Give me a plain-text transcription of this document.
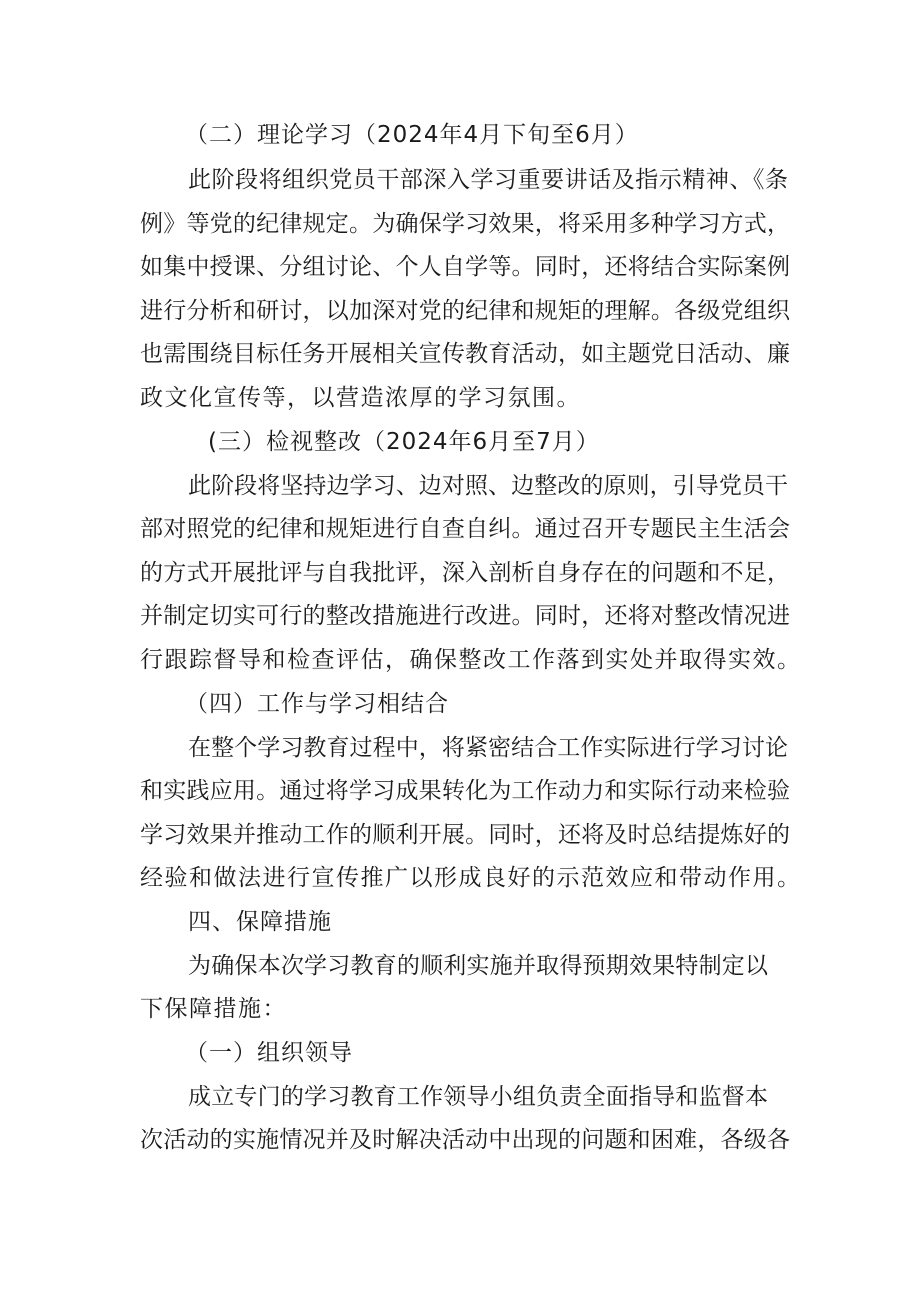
（二）理论学习（2024年4月下旬至6月）
此阶段将组织党员干部深入学习重要讲话及指示精神、《条
例》等党的纪律规定。为确保学习效果，将采用多种学习方式，
如集中授课、分组讨论、个人自学等。同时，还将结合实际案例
进行分析和研讨，以加深对党的纪律和规矩的理解。各级党组织
也需围绕目标任务开展相关宣传教育活动，如主题党日活动、廉
政文化宣传等，以营造浓厚的学习氛围。
(三）检视整改（2024年6月至7月）
此阶段将坚持边学习、边对照、边整改的原则，引导党员干
部对照党的纪律和规矩进行自查自纠。通过召开专题民主生活会
的方式开展批评与自我批评，深入剖析自身存在的问题和不足，
并制定切实可行的整改措施进行改进。同时，还将对整改情况进
行跟踪督导和检查评估，确保整改工作落到实处并取得实效。
（四）工作与学习相结合
在整个学习教育过程中，将紧密结合工作实际进行学习讨论
和实践应用。通过将学习成果转化为工作动力和实际行动来检验
学习效果并推动工作的顺利开展。同时，还将及时总结提炼好的
经验和做法进行宣传推广以形成良好的示范效应和带动作用。
四、保障措施
为确保本次学习教育的顺利实施并取得预期效果特制定以
下保障措施：
（一）组织领导
成立专门的学习教育工作领导小组负责全面指导和监督本
次活动的实施情况并及时解决活动中出现的问题和困难，各级各
